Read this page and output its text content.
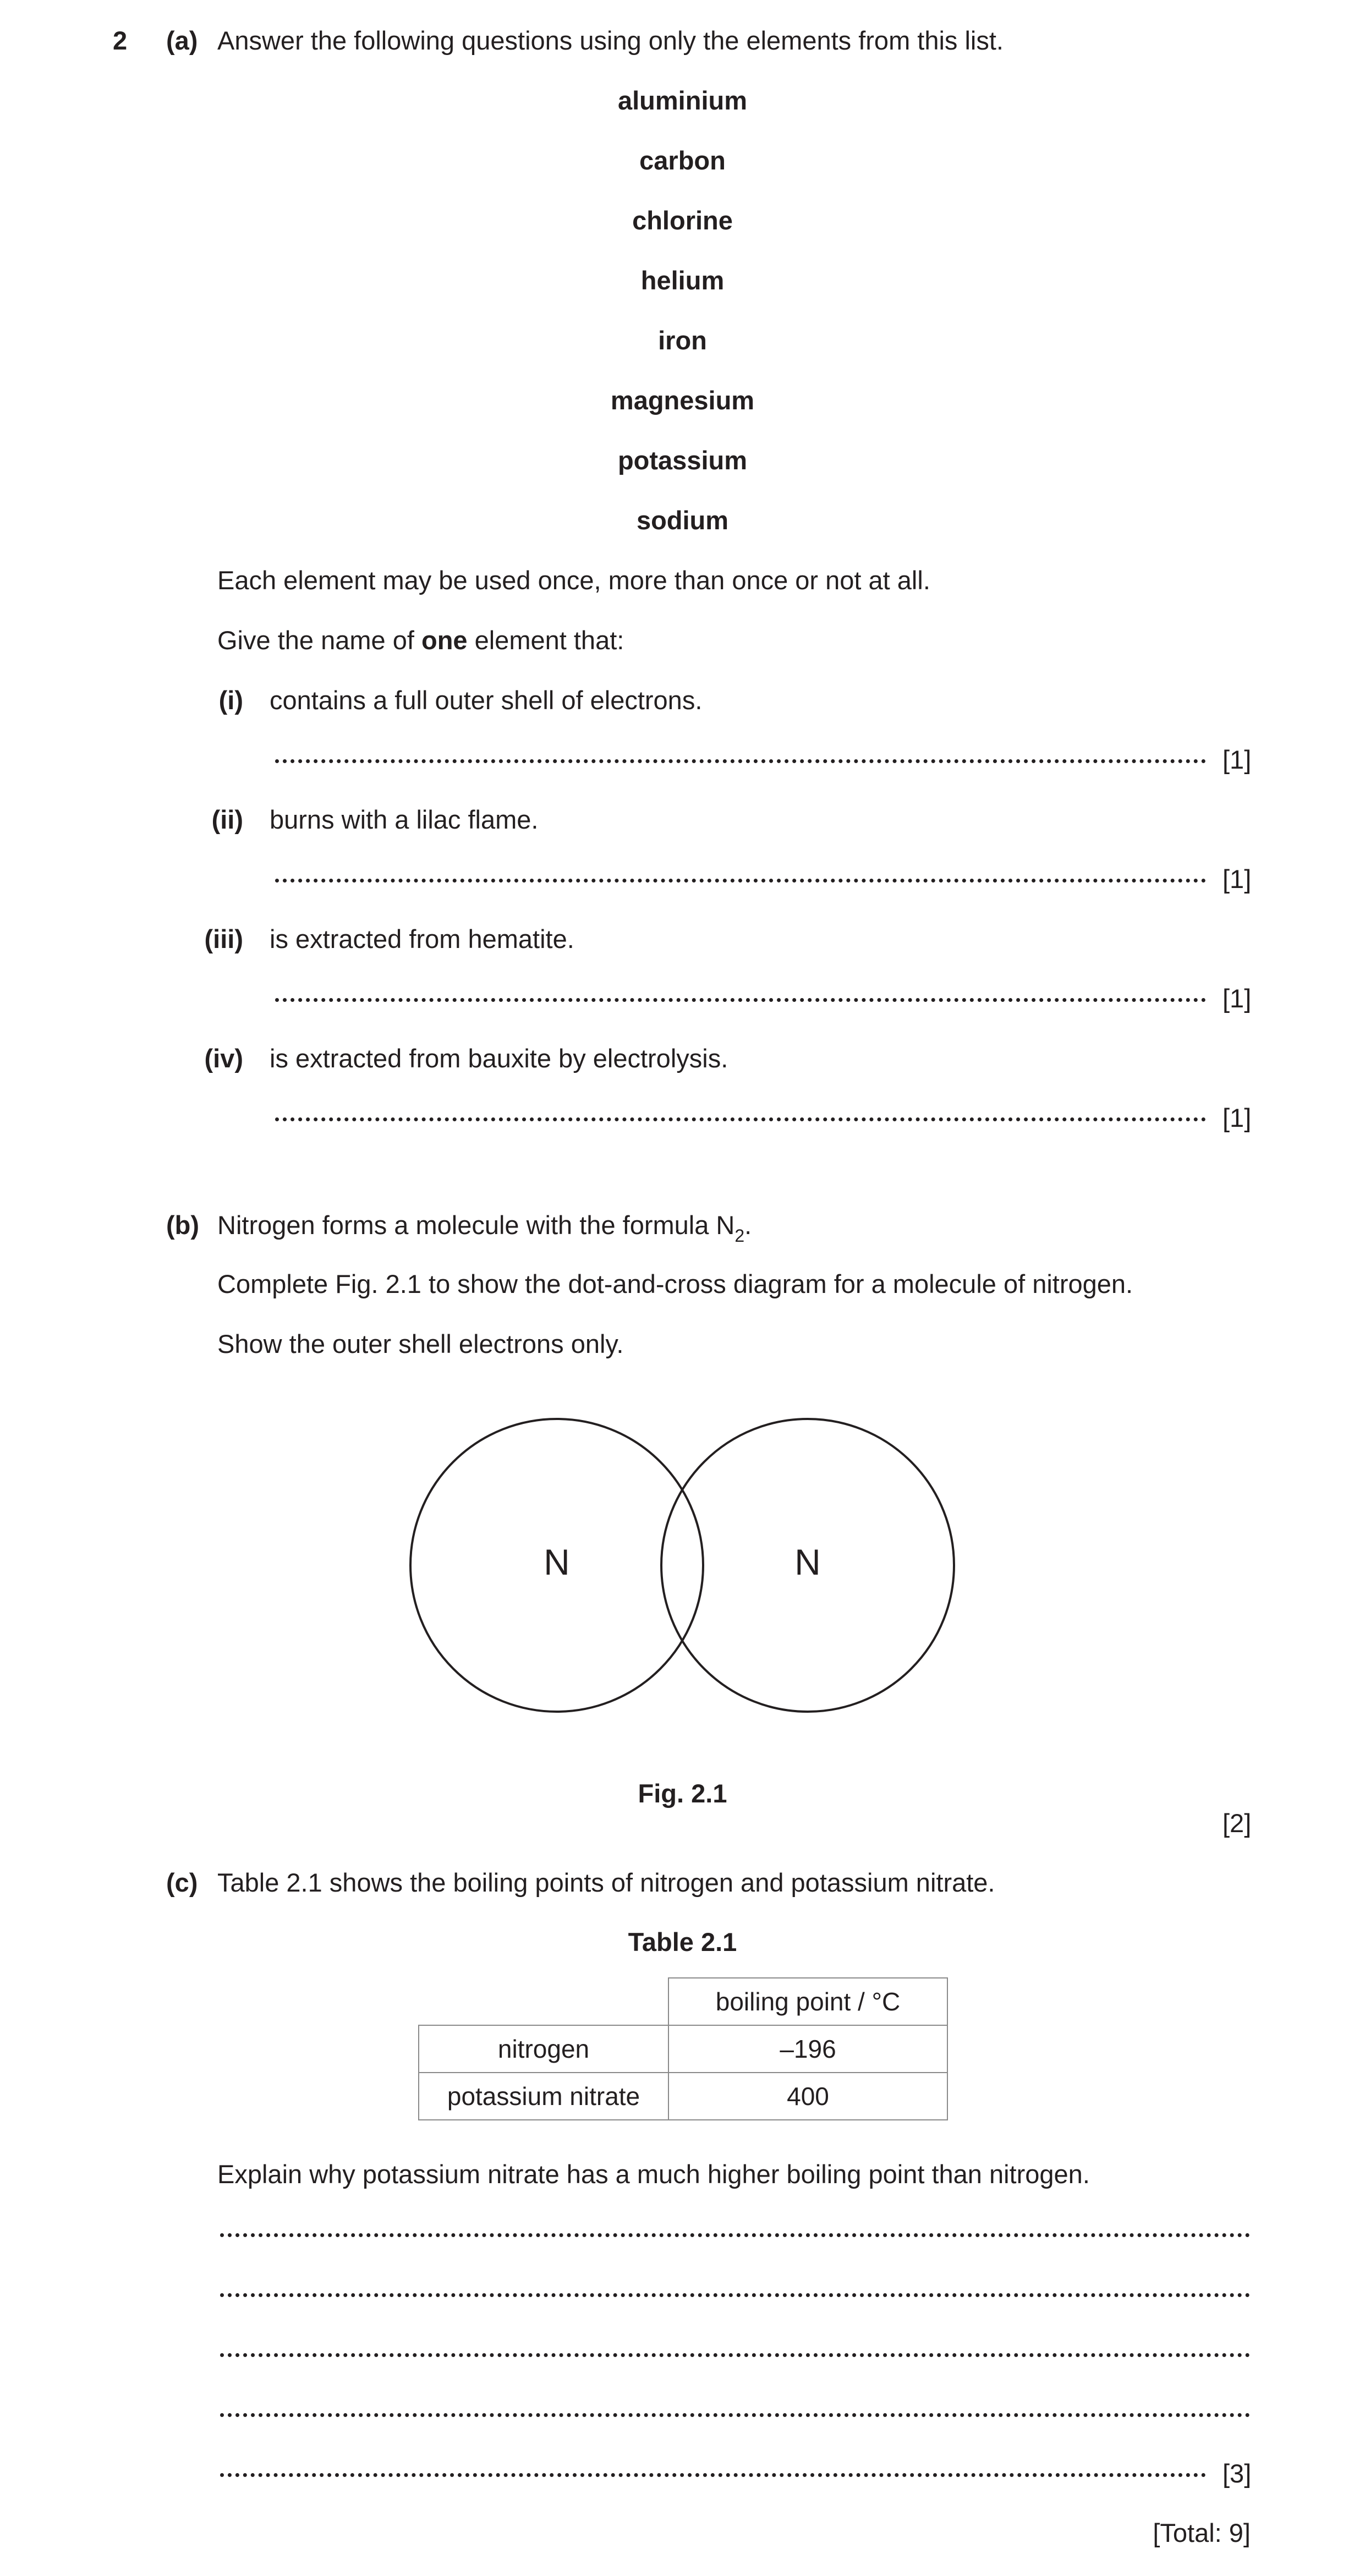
2 (a) Answer the following questions using only the elements from this list.
aluminium
carbon
chlorine
helium
iron
magnesium
potassium
sodium
Each element may be used once, more than once or not at all.
Give the name of one element that:
(i) contains a full outer shell of electrons.
[1]
(ii) burns with a lilac flame.
[1]
(iii) is extracted from hematite.
[1]
(iv) is extracted from bauxite by electrolysis.
[1]
(b) Nitrogen forms a molecule with the formula $N_2$.
Complete Fig. 2.1 to show the dot-and-cross diagram for a molecule of nitrogen.
Show the outer shell electrons only.
N	N
Fig. 2.1
[2]
(c) Table 2.1 shows the boiling points of nitrogen and potassium nitrate.
Table 2.1
	boiling point / °C
nitrogen	–196
potassium nitrate	400
Explain why potassium nitrate has a much higher boiling point than nitrogen.
[3]
[Total: 9]
